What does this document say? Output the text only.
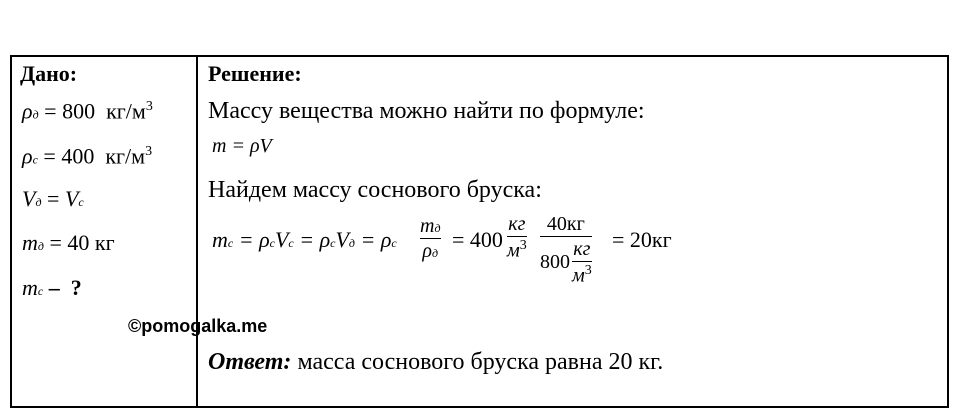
Дано:
ρд = 800 $кг/м^3$
ρc = 400 $кг/м^3$
Vд = Vc
mд = 40 кг
mc – ?
Решение:
Массу вещества можно найти по формуле:
m = ρV
Найдем массу соснового бруска:
mc = ρcVc = ρcVд = ρc
mд
ρд
= 400
кг
$м^3$
40кг
800
кг
$м^3$
= 20кг
©pomogalka.me
Ответ: масса соснового бруска равна 20 кг.
